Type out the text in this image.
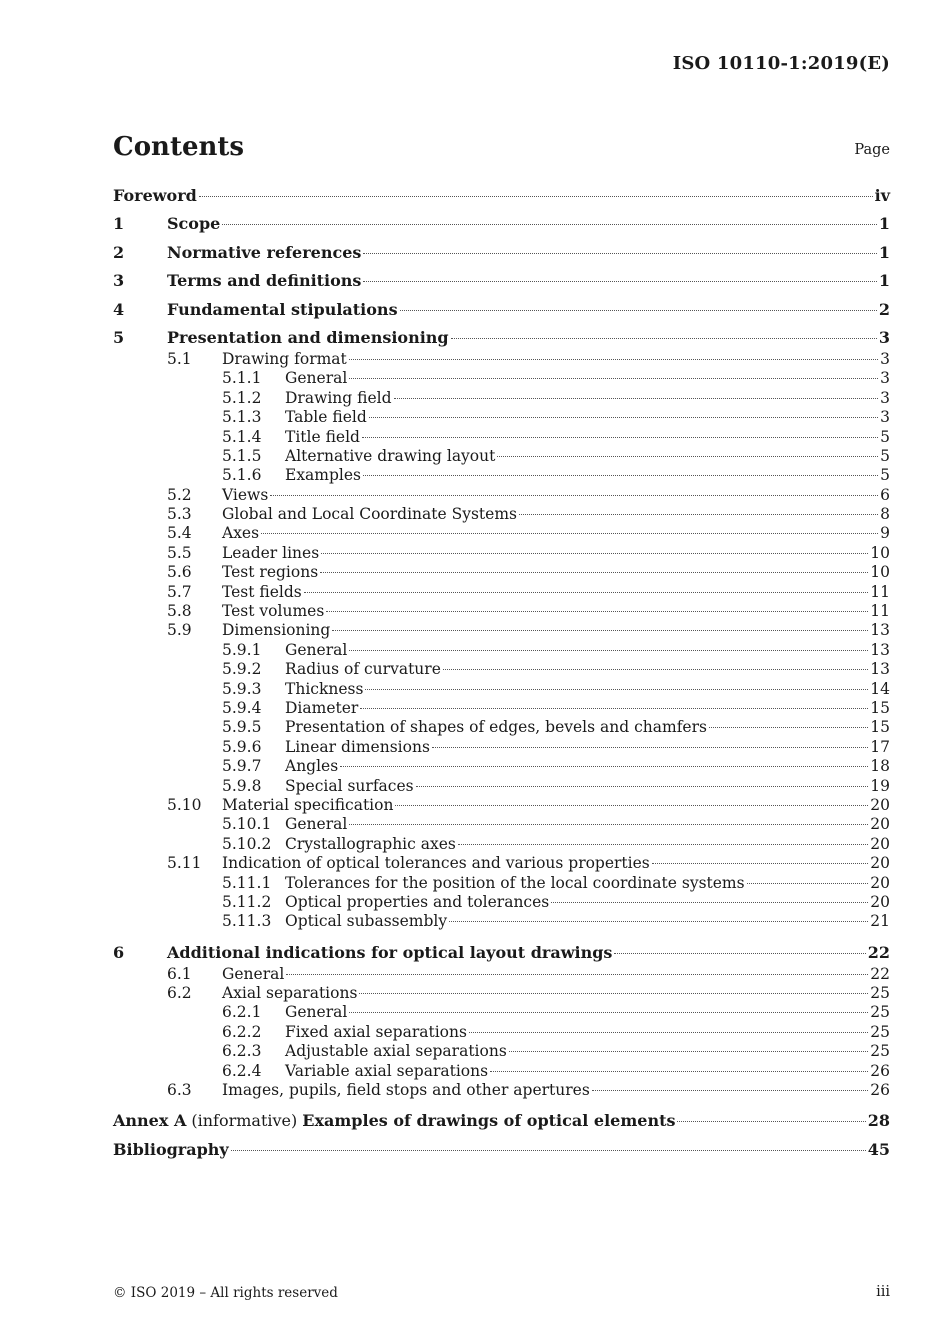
ISO 10110-1:2019(E)
Contents	Page
Foreword	iv
1	Scope	1
2	Normative references	1
3	Terms and definitions	1
4	Fundamental stipulations	2
5	Presentation and dimensioning	3
5.1 Drawing format	3
5.1.1 General	3
5.1.2 Drawing field	3
5.1.3 Table field	3
5.1.4 Title field	5
5.1.5 Alternative drawing layout	5
5.1.6 Examples	5
5.2 Views	6
5.3 Global and Local Coordinate Systems	8
5.4 Axes	9
5.5 Leader lines	10
5.6 Test regions	10
5.7 Test fields	11
5.8 Test volumes	11
5.9 Dimensioning	13
5.9.1 General	13
5.9.2 Radius of curvature	13
5.9.3 Thickness	14
5.9.4 Diameter	15
5.9.5 Presentation of shapes of edges, bevels and chamfers	15
5.9.6 Linear dimensions	17
5.9.7 Angles	18
5.9.8 Special surfaces	19
5.10 Material specification	20
5.10.1 General	20
5.10.2 Crystallographic axes	20
5.11 Indication of optical tolerances and various properties	20
5.11.1 Tolerances for the position of the local coordinate systems	20
5.11.2 Optical properties and tolerances	20
5.11.3 Optical subassembly	21
6	Additional indications for optical layout drawings	22
6.1 General	22
6.2 Axial separations	25
6.2.1 General	25
6.2.2 Fixed axial separations	25
6.2.3 Adjustable axial separations	25
6.2.4 Variable axial separations	26
6.3 Images, pupils, field stops and other apertures	26
Annex A (informative) Examples of drawings of optical elements	28
Bibliography	45
© ISO 2019 – All rights reserved	iii
